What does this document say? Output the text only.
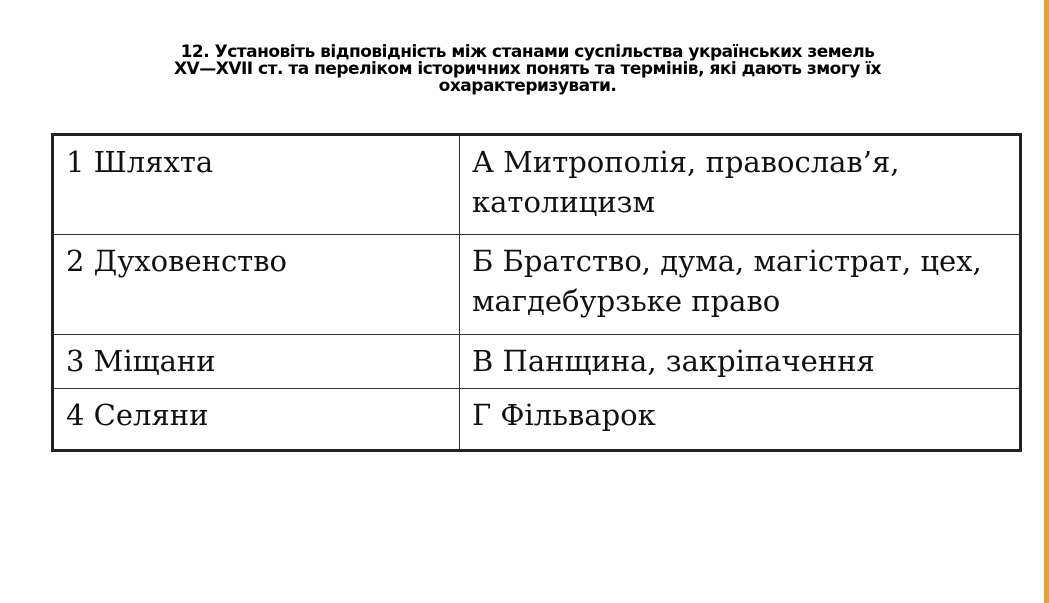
12. Установіть відповідність між станами суспільства українських земель
XV—XVII ст. та переліком історичних понять та термінів, які дають змогу їх
охарактеризувати.
1 Шляхта	А Митрополія, православ’я,
католицизм

2 Духовенство	Б Братство, дума, магістрат, цех,
магдебурзьке право

3 Міщани	В Панщина, закріпачення

4 Селяни	Г Фільварок
